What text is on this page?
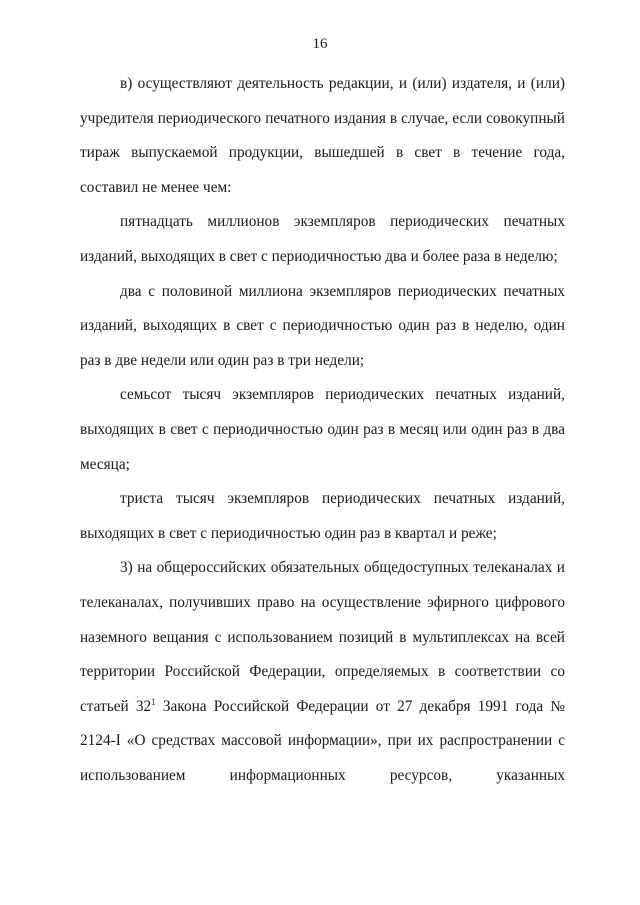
16

в) осуществляют деятельность редакции, и (или) издателя, и (или) учредителя периодического печатного издания в случае, если совокупный тираж выпускаемой продукции, вышедшей в свет в течение года, составил не менее чем:

пятнадцать миллионов экземпляров периодических печатных изданий, выходящих в свет с периодичностью два и более раза в неделю;

два с половиной миллиона экземпляров периодических печатных изданий, выходящих в свет с периодичностью один раз в неделю, один раз в две недели или один раз в три недели;

семьсот тысяч экземпляров периодических печатных изданий, выходящих в свет с периодичностью один раз в месяц или один раз в два месяца;

триста тысяч экземпляров периодических печатных изданий, выходящих в свет с периодичностью один раз в квартал и реже;

3) на общероссийских обязательных общедоступных телеканалах и телеканалах, получивших право на осуществление эфирного цифрового наземного вещания с использованием позиций в мультиплексах на всей территории Российской Федерации, определяемых в соответствии со статьей $32^1$ Закона Российской Федерации от 27 декабря 1991 года № 2124-I «О средствах массовой информации», при их распространении с использованием информационных ресурсов, указанных
